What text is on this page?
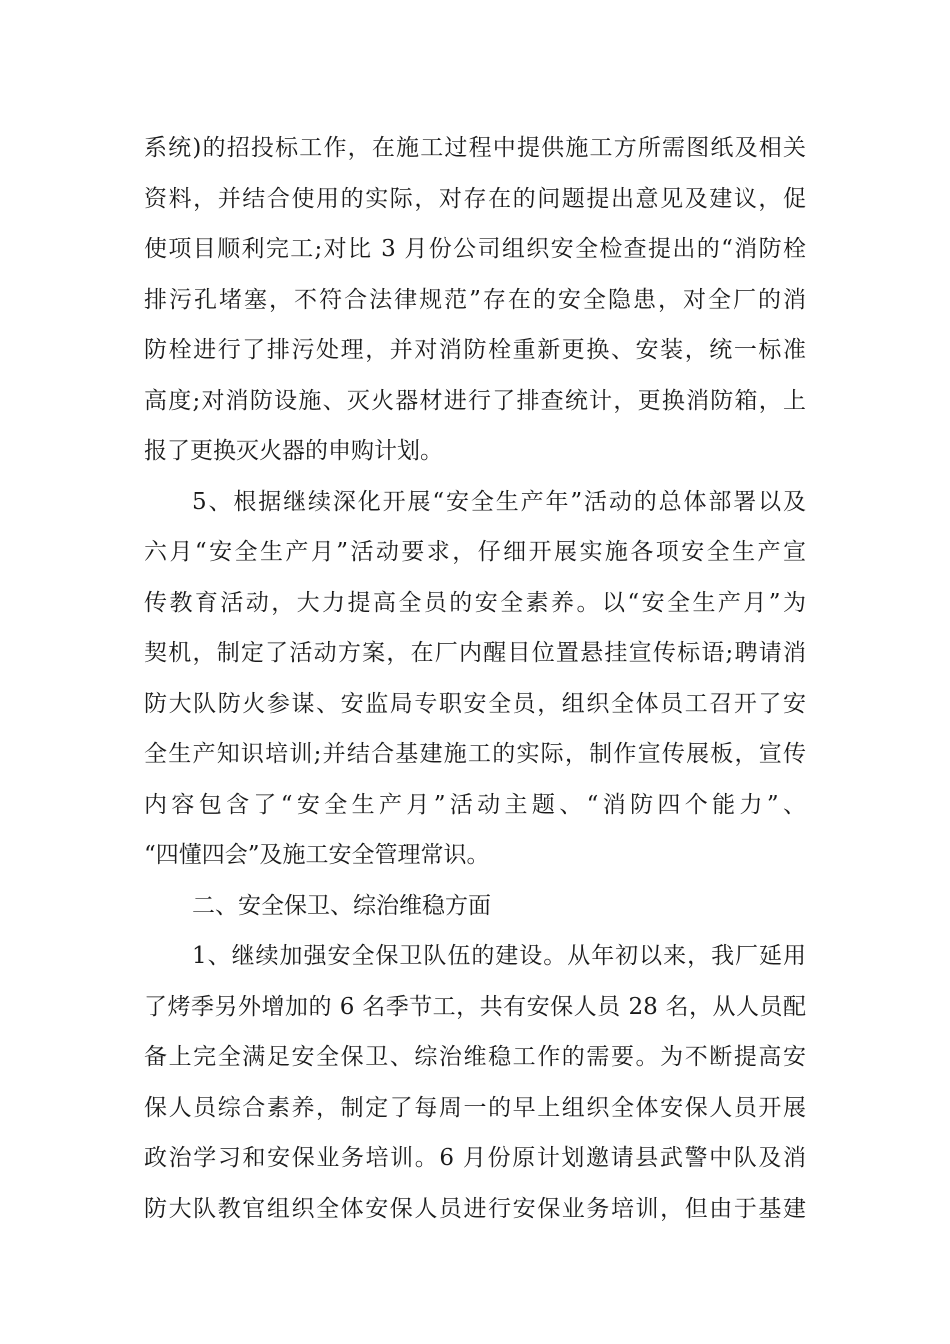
系统)的招投标工作，在施工过程中提供施工方所需图纸及相关
资料，并结合使用的实际，对存在的问题提出意见及建议，促
使项目顺利完工;对比 3 月份公司组织安全检查提出的“消防栓
排污孔堵塞，不符合法律规范”存在的安全隐患，对全厂的消
防栓进行了排污处理，并对消防栓重新更换、安装，统一标准
高度;对消防设施、灭火器材进行了排查统计，更换消防箱，上
报了更换灭火器的申购计划。
5、根据继续深化开展“安全生产年”活动的总体部署以及
六月“安全生产月”活动要求，仔细开展实施各项安全生产宣
传教育活动，大力提高全员的安全素养。以“安全生产月”为
契机，制定了活动方案，在厂内醒目位置悬挂宣传标语;聘请消
防大队防火参谋、安监局专职安全员，组织全体员工召开了安
全生产知识培训;并结合基建施工的实际，制作宣传展板，宣传
内容包含了“安全生产月”活动主题、“消防四个能力”、
“四懂四会”及施工安全管理常识。
二、安全保卫、综治维稳方面
1、继续加强安全保卫队伍的建设。从年初以来，我厂延用
了烤季另外增加的 6 名季节工，共有安保人员 28 名，从人员配
备上完全满足安全保卫、综治维稳工作的需要。为不断提高安
保人员综合素养，制定了每周一的早上组织全体安保人员开展
政治学习和安保业务培训。6 月份原计划邀请县武警中队及消
防大队教官组织全体安保人员进行安保业务培训，但由于基建
